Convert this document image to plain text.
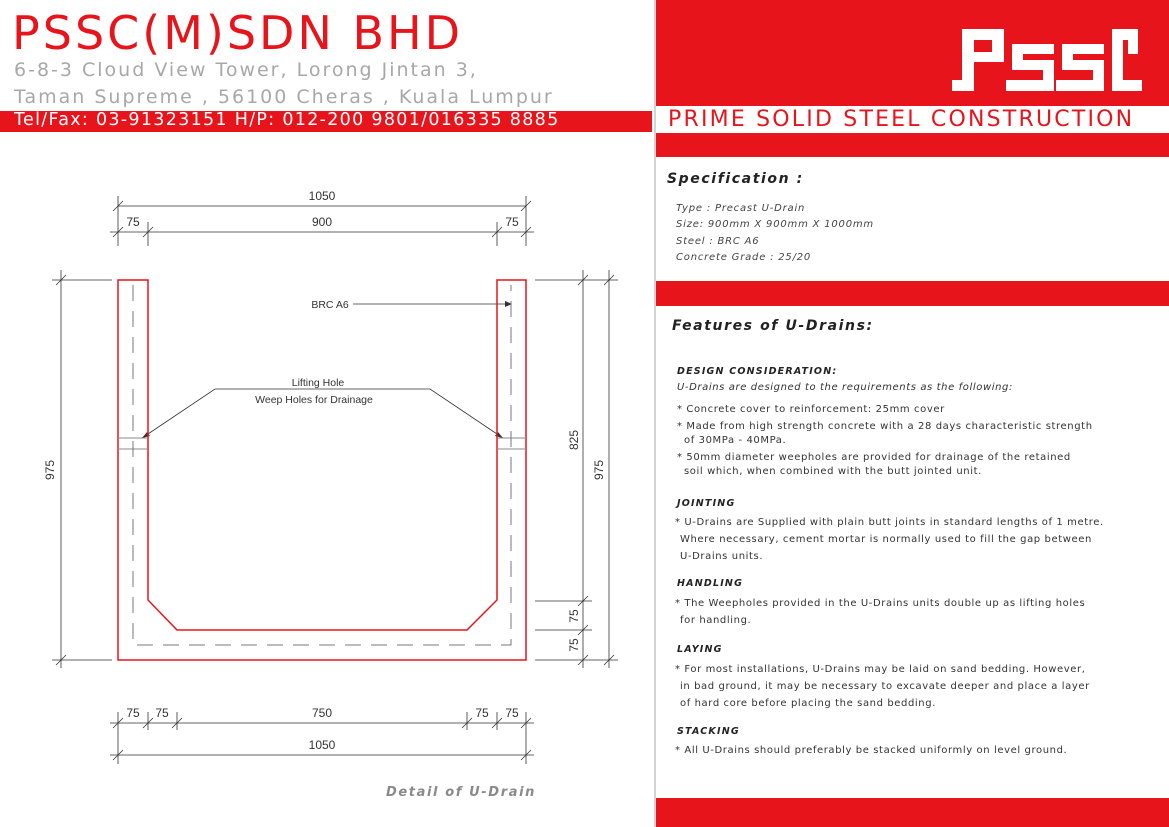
PSSC(M)SDN BHD
6-8-3 Cloud View Tower, Lorong Jintan 3,
Taman Supreme , 56100 Cheras , Kuala Lumpur
Tel/Fax: 03-91323151 H/P: 012-200 9801/016335 8885	PRIME SOLID STEEL CONSTRUCTION
Specification :
Type : Precast U-Drain
Size: 900mm X 900mm X 1000mm
Steel : BRC A6
Concrete Grade : 25/20
Features of U-Drains:
DESIGN CONSIDERATION:
U-Drains are designed to the requirements as the following:
* Concrete cover to reinforcement: 25mm cover
* Made from high strength concrete with a 28 days characteristic strength
of 30MPa - 40MPa.
* 50mm diameter weepholes are provided for drainage of the retained
soil which, when combined with the butt jointed unit.
JOINTING
* U-Drains are Supplied with plain butt joints in standard lengths of 1 metre.
Where necessary, cement mortar is normally used to fill the gap between
U-Drains units.
HANDLING
* The Weepholes provided in the U-Drains units double up as lifting holes
for handling.
LAYING
* For most installations, U-Drains may be laid on sand bedding. However,
in bad ground, it may be necessary to excavate deeper and place a layer
of hard core before placing the sand bedding.
STACKING
* All U-Drains should preferably be stacked uniformly on level ground.
1050
75	900	75
975
825
975
75
75
75 75	750	75 75
1050
BRC A6
Lifting Hole
Weep Holes for Drainage
Detail of U-Drain
